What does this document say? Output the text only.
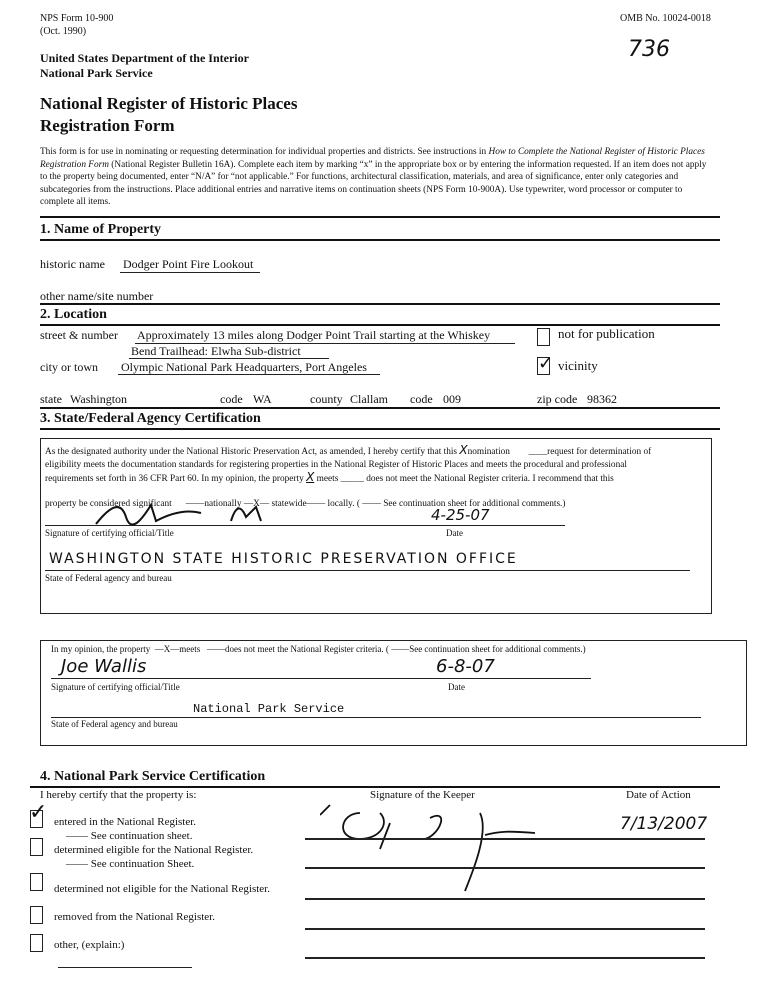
NPS Form 10-900
(Oct. 1990)
OMB No. 10024-0018
736
United States Department of the Interior
National Park Service
National Register of Historic Places
Registration Form
This form is for use in nominating or requesting determination for individual properties and districts. See instructions in How to Complete the National Register of Historic Places Registration Form (National Register Bulletin 16A). Complete each item by marking “x” in the appropriate box or by entering the information requested. If an item does not apply to the property being documented, enter “N/A” for “not applicable.” For functions, architectural classification, materials, and area of significance, enter only categories and subcategories from the instructions. Place additional entries and narrative items on continuation sheets (NPS Form 10-900A). Use typewriter, word processor or computer to complete all items.
1. Name of Property
historic name Dodger Point Fire Lookout
other name/site number
2. Location
street & number Approximately 13 miles along Dodger Point Trail starting at the Whiskey
Bend Trailhead: Elwha Sub-district
not for publication
city or town Olympic National Park Headquarters, Port Angeles	✓ vicinity
state Washington	code WA	county Clallam code 009	zip code 98362
3. State/Federal Agency Certification
As the designated authority under the National Historic Preservation Act, as amended, I hereby certify that this Xnomination        ____request for determination of
eligibility meets the documentation standards for registering properties in the National Register of Historic Places and meets the procedural and professional
requirements set forth in 36 CFR Part 60. In my opinion, the property X meets _____ does not meet the National Register criteria. I recommend that this

property be considered significant      ——nationally —X— statewide—— locally. ( —— See continuation sheet for additional comments.)
4-25-07
Signature of certifying official/Title	Date
WASHINGTON STATE HISTORIC PRESERVATION OFFICE
State of Federal agency and bureau
In my opinion, the property  —X—meets   ——does not meet the National Register criteria. ( ——See continuation sheet for additional comments.)
Joe Wallis	6-8-07
Signature of certifying official/Title	Date
National Park Service
State of Federal agency and bureau
4. National Park Service Certification
I hereby certify that the property is:	Signature of the Keeper	Date of Action
7/13/2007
✓ entered in the National Register.
—— See continuation sheet.
determined eligible for the National Register.
—— See continuation Sheet.
determined not eligible for the National Register.
removed from the National Register.
other, (explain:)
